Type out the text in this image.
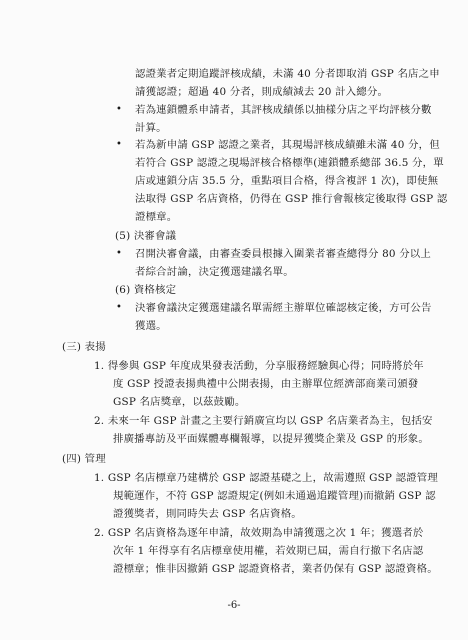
認證業者定期追蹤評核成績，未滿 40 分者即取消 GSP 名店之申
請獲認證；超過 40 分者，則成績減去 20 計入總分。
• 若為連鎖體系申請者，其評核成績係以抽樣分店之平均評核分數
計算。
• 若為新申請 GSP 認證之業者，其現場評核成績雖未滿 40 分，但
若符合 GSP 認證之現場評核合格標準(連鎖體系總部 36.5 分，單
店或連鎖分店 35.5 分，重點項目合格，得含複評 1 次)，即使無
法取得 GSP 名店資格，仍得在 GSP 推行會報核定後取得 GSP 認
證標章。
(5) 決審會議
• 召開決審會議，由審查委員根據入圍業者審查總得分 80 分以上
者綜合討論，決定獲選建議名單。
(6) 資格核定
• 決審會議決定獲選建議名單需經主辦單位確認核定後，方可公告
獲選。
(三) 表揚
1. 得參與 GSP 年度成果發表活動，分享服務經驗與心得；同時將於年
度 GSP 授證表揚典禮中公開表揚，由主辦單位經濟部商業司頒發
GSP 名店獎章，以茲鼓勵。
2. 未來一年 GSP 計畫之主要行銷廣宣均以 GSP 名店業者為主，包括安
排廣播專訪及平面媒體專欄報導，以提昇獲獎企業及 GSP 的形象。
(四) 管理
1. GSP 名店標章乃建構於 GSP 認證基礎之上，故需遵照 GSP 認證管理
規範運作，不符 GSP 認證規定(例如未通過追蹤管理)而撤銷 GSP 認
證獲獎者，則同時失去 GSP 名店資格。
2. GSP 名店資格為逐年申請，故效期為申請獲選之次 1 年；獲選者於
次年 1 年得享有名店標章使用權，若效期已屆，需自行撤下名店認
證標章；惟非因撤銷 GSP 認證資格者，業者仍保有 GSP 認證資格。
-6-
